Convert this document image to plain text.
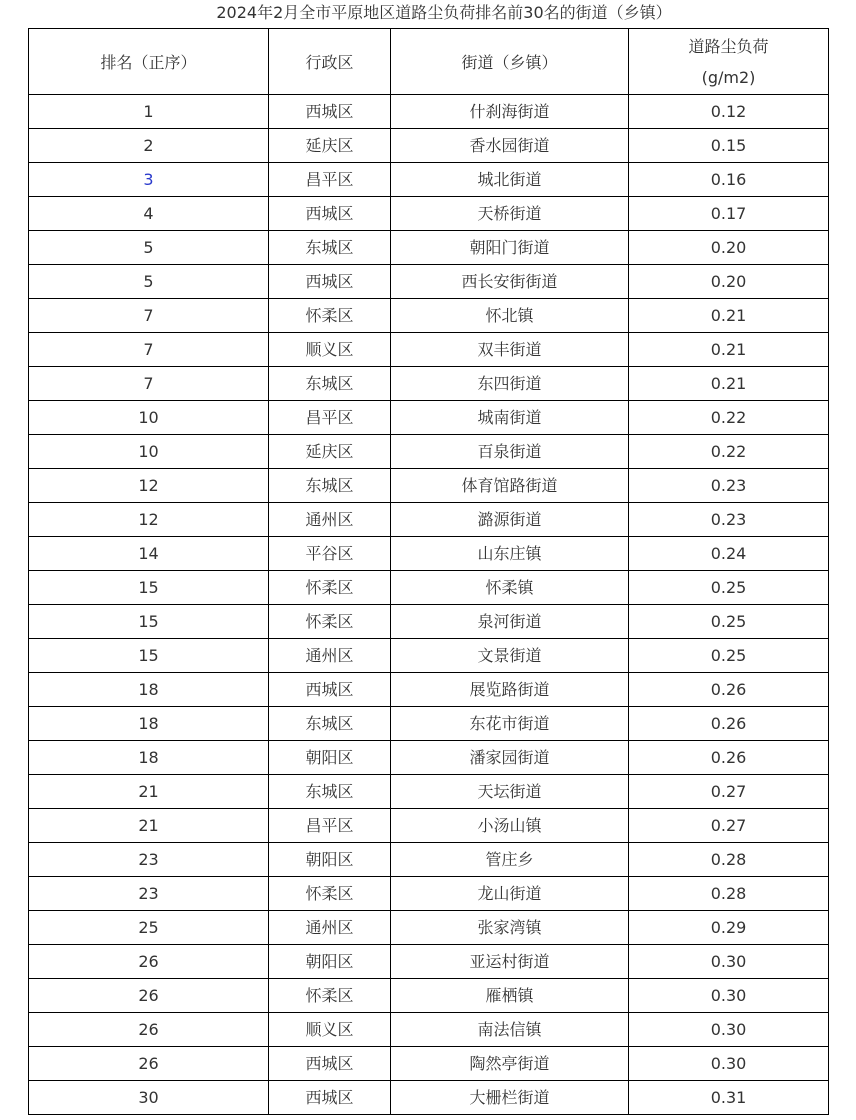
2024年2月全市平原地区道路尘负荷排名前30名的街道（乡镇）
排名（正序）	行政区	街道（乡镇）	道路尘负荷
(g/m2)

1	西城区	什刹海街道	0.12
2	延庆区	香水园街道	0.15
3	昌平区	城北街道	0.16
4	西城区	天桥街道	0.17
5	东城区	朝阳门街道	0.20
5	西城区	西长安街街道	0.20
7	怀柔区	怀北镇	0.21
7	顺义区	双丰街道	0.21
7	东城区	东四街道	0.21
10	昌平区	城南街道	0.22
10	延庆区	百泉街道	0.22
12	东城区	体育馆路街道	0.23
12	通州区	潞源街道	0.23
14	平谷区	山东庄镇	0.24
15	怀柔区	怀柔镇	0.25
15	怀柔区	泉河街道	0.25
15	通州区	文景街道	0.25
18	西城区	展览路街道	0.26
18	东城区	东花市街道	0.26
18	朝阳区	潘家园街道	0.26
21	东城区	天坛街道	0.27
21	昌平区	小汤山镇	0.27
23	朝阳区	管庄乡	0.28
23	怀柔区	龙山街道	0.28
25	通州区	张家湾镇	0.29
26	朝阳区	亚运村街道	0.30
26	怀柔区	雁栖镇	0.30
26	顺义区	南法信镇	0.30
26	西城区	陶然亭街道	0.30
30	西城区	大栅栏街道	0.31
